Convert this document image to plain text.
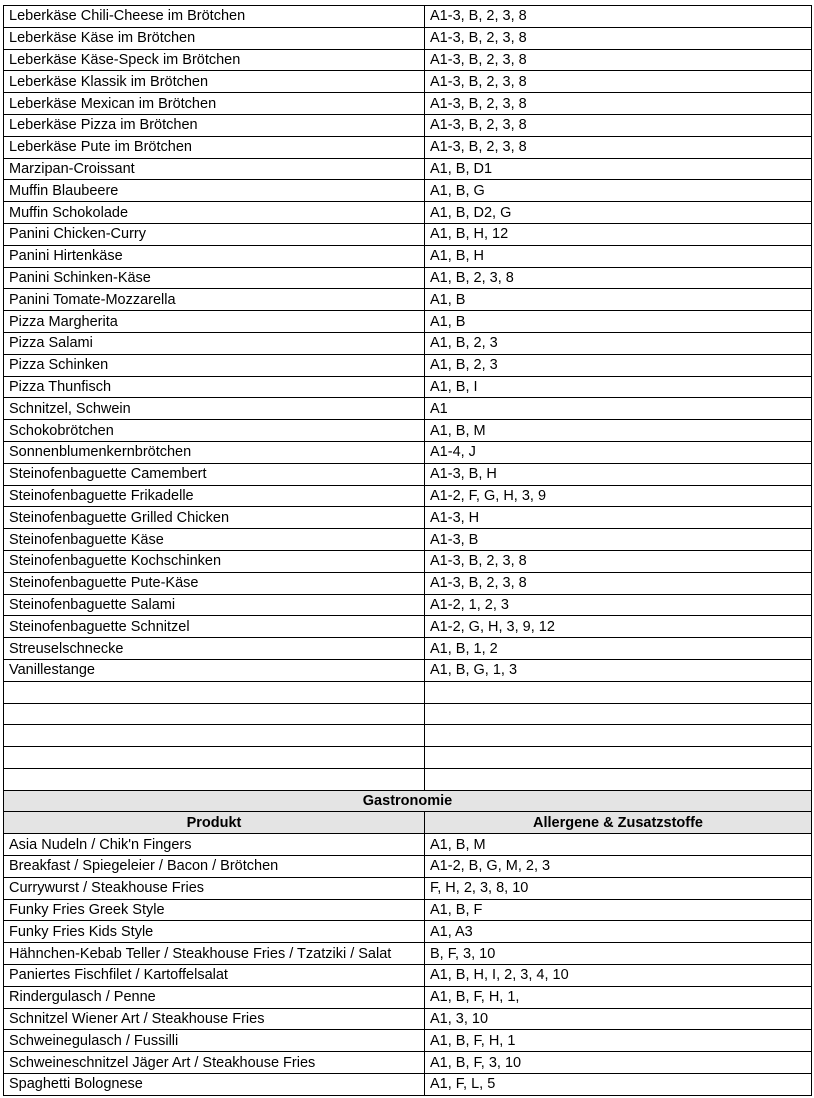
Leberkäse Chili-Cheese im Brötchen	A1-3, B, 2, 3, 8
Leberkäse Käse im Brötchen	A1-3, B, 2, 3, 8
Leberkäse Käse-Speck im Brötchen	A1-3, B, 2, 3, 8
Leberkäse Klassik im Brötchen	A1-3, B, 2, 3, 8
Leberkäse Mexican im Brötchen	A1-3, B, 2, 3, 8
Leberkäse Pizza im Brötchen	A1-3, B, 2, 3, 8
Leberkäse Pute im Brötchen	A1-3, B, 2, 3, 8
Marzipan-Croissant	A1, B, D1
Muffin Blaubeere	A1, B, G
Muffin Schokolade	A1, B, D2, G
Panini Chicken-Curry	A1, B, H, 12
Panini Hirtenkäse	A1, B, H
Panini Schinken-Käse	A1, B, 2, 3, 8
Panini Tomate-Mozzarella	A1, B
Pizza Margherita	A1, B
Pizza Salami	A1, B, 2, 3
Pizza Schinken	A1, B, 2, 3
Pizza Thunfisch	A1, B, I
Schnitzel, Schwein	A1
Schokobrötchen	A1, B, M
Sonnenblumenkernbrötchen	A1-4, J
Steinofenbaguette Camembert	A1-3, B, H
Steinofenbaguette Frikadelle	A1-2, F, G, H, 3, 9
Steinofenbaguette Grilled Chicken	A1-3, H
Steinofenbaguette Käse	A1-3, B
Steinofenbaguette Kochschinken	A1-3, B, 2, 3, 8
Steinofenbaguette Pute-Käse	A1-3, B, 2, 3, 8
Steinofenbaguette Salami	A1-2, 1, 2, 3
Steinofenbaguette Schnitzel	A1-2, G, H, 3, 9, 12
Streuselschnecke	A1, B, 1, 2
Vanillestange	A1, B, G, 1, 3

Gastronomie	
Produkt	Allergene & Zusatzstoffe
Asia Nudeln / Chik'n Fingers	A1, B, M
Breakfast / Spiegeleier / Bacon / Brötchen	A1-2, B, G, M, 2, 3
Currywurst / Steakhouse Fries	F, H, 2, 3, 8, 10
Funky Fries Greek Style	A1, B, F
Funky Fries Kids Style	A1, A3
Hähnchen-Kebab Teller / Steakhouse Fries / Tzatziki / Salat	B, F, 3, 10
Paniertes Fischfilet / Kartoffelsalat	A1, B, H, I, 2, 3, 4, 10
Rindergulasch / Penne	A1, B, F, H, 1,
Schnitzel Wiener Art / Steakhouse Fries	A1, 3, 10
Schweinegulasch / Fussilli	A1, B, F, H, 1
Schweineschnitzel Jäger Art / Steakhouse Fries	A1, B, F, 3, 10
Spaghetti Bolognese	A1, F, L, 5
